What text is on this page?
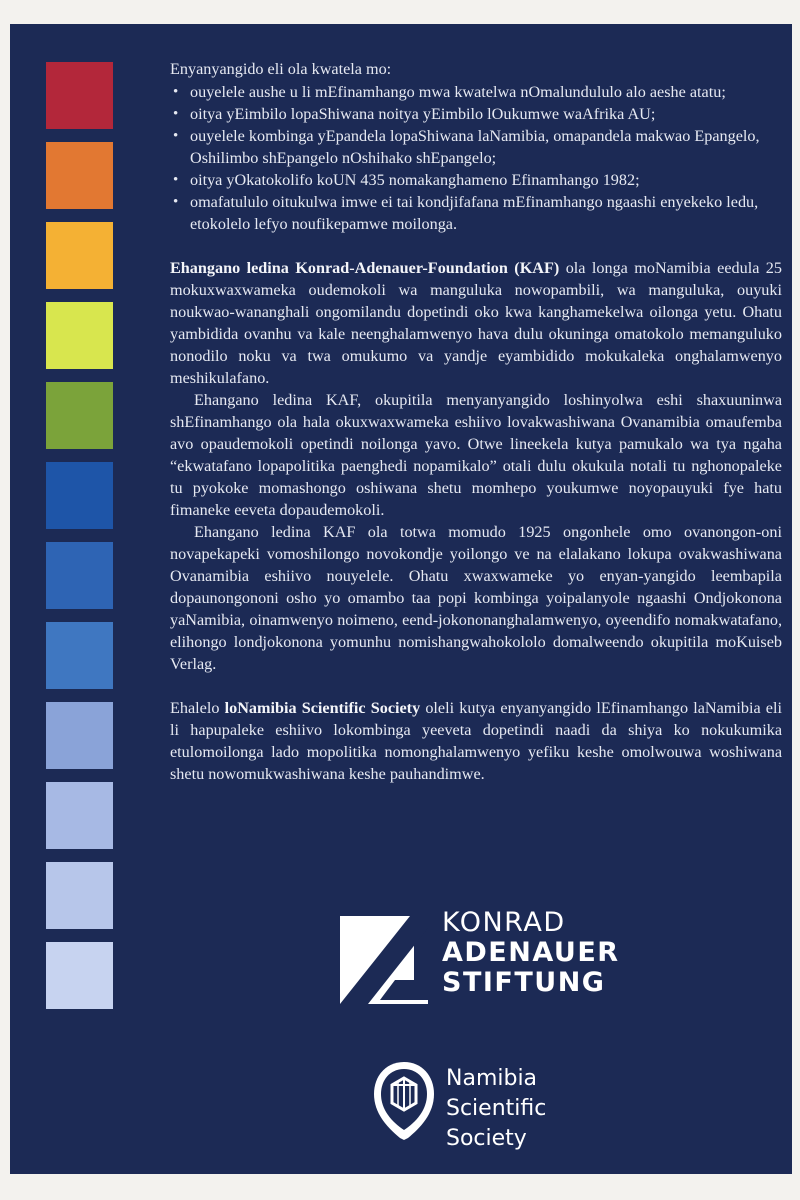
Enyanyangido eli ola kwatela mo:

• ouyelele aushe u li mEfinamhango mwa kwatelwa nOmalundululo alo aeshe atatu;
• oitya yEimbilo lopaShiwana noitya yEimbilo lOukumwe waAfrika AU;
• ouyelele kombinga yEpandela lopaShiwana laNamibia, omapandela makwao Epangelo, Oshilimbo shEpangelo nOshihako shEpangelo;
• oitya yOkatokolifo koUN 435 nomakanghameno Efinamhango 1982;
• omafatululo oitukulwa imwe ei tai kondjifafana mEfinamhango ngaashi enyekeko ledu, etokolelo lefyo noufikepamwe moilonga.

Ehangano ledina Konrad-Adenauer-Foundation (KAF) ola longa moNamibia eedula 25 mokuxwaxwameka oudemokoli wa manguluka nowopambili, wa manguluka, ouyuki noukwao-wananghali ongomilandu dopetindi oko kwa kanghamekelwa oilonga yetu. Ohatu yambidida ovanhu va kale neenghalamwenyo hava dulu okuninga omatokolo memanguluko nonodilo noku va twa omukumo va yandje eyambidido mokukaleka onghalamwenyo meshikulafano.

Ehangano ledina KAF, okupitila menyanyangido loshinyolwa eshi shaxuuninwa shEfinamhango ola hala okuxwaxwameka eshiivo lovakwashiwana Ovanamibia omaufemba avo opaudemokoli opetindi noilonga yavo. Otwe lineekela kutya pamukalo wa tya ngaha “ekwatafano lopapolitika paenghedi nopamikalo” otali dulu okukula notali tu nghonopaleke tu pyokoke momashongo oshiwana shetu momhepo youkumwe noyopauyuki fye hatu fimaneke eeveta dopaudemokoli.

Ehangano ledina KAF ola totwa momudo 1925 ongonhele omo ovanongon-oni novapekapeki vomoshilongo novokondje yoilongo ve na elalakano lokupa ovakwashiwana Ovanamibia eshiivo nouyelele. Ohatu xwaxwameke yo enyan-yangido leembapila dopaunongononi osho yo omambo taa popi kombinga yoipalanyole ngaashi Ondjokonona yaNamibia, oinamwenyo noimeno, eend-jokononanghalamwenyo, oyeendifo nomakwatafano, elihongo londjokonona yomunhu nomishangwahokololo domalweendo okupitila moKuiseb Verlag.

Ehalelo loNamibia Scientific Society oleli kutya enyanyangido lEfinamhango laNamibia eli li hapupaleke eshiivo lokombinga yeeveta dopetindi naadi da shiya ko nokukumika etulomoilonga lado mopolitika nomonghalamwenyo yefiku keshe omolwouwa woshiwana shetu nowomukwashiwana keshe pauhandimwe.

KONRAD
ADENAUER
STIFTUNG
Namibia
Scientific
Society
